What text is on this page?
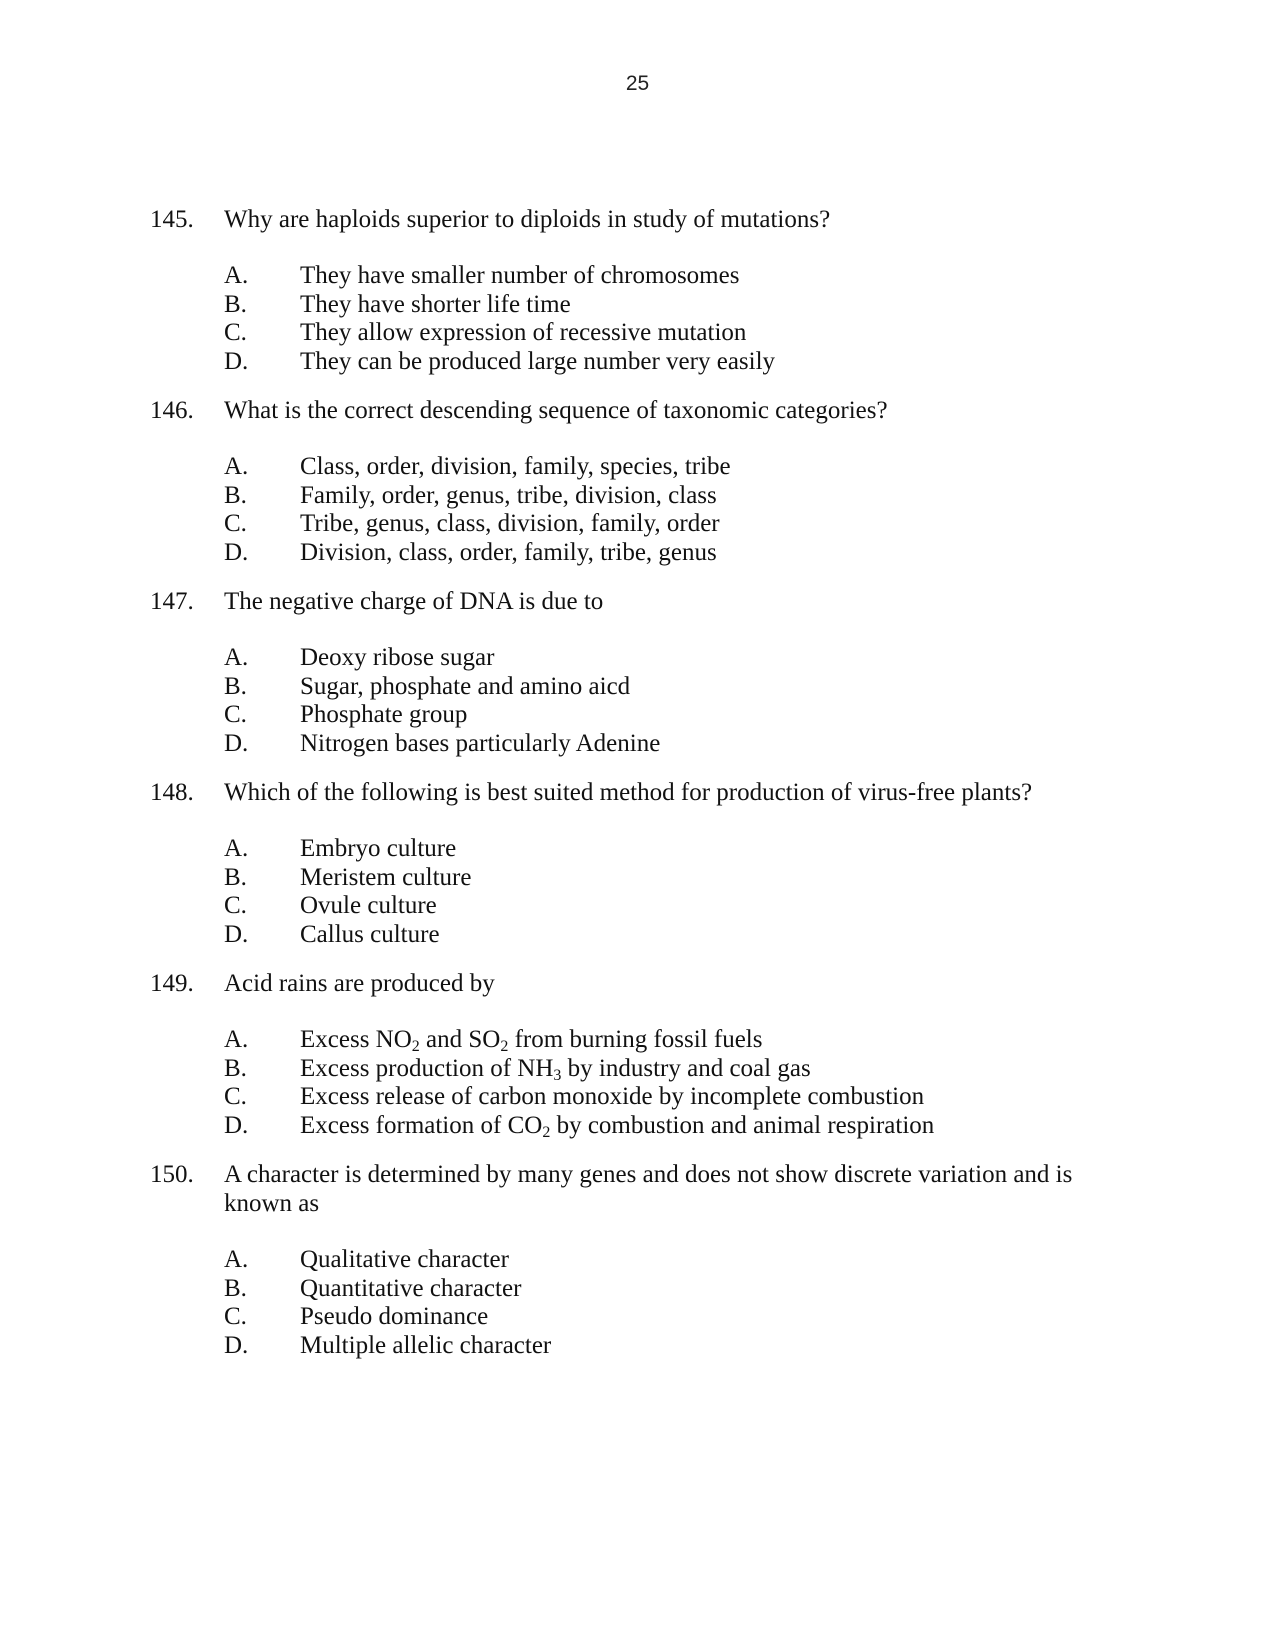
25
145.	Why are haploids superior to diploids in study of mutations?
A.	They have smaller number of chromosomes
B.	They have shorter life time
C.	They allow expression of recessive mutation
D.	They can be produced large number very easily
146.	What is the correct descending sequence of taxonomic categories?
A.	Class, order, division, family, species, tribe
B.	Family, order, genus, tribe, division, class
C.	Tribe, genus, class, division, family, order
D.	Division, class, order, family, tribe, genus
147.	The negative charge of DNA is due to
A.	Deoxy ribose sugar
B.	Sugar, phosphate and amino aicd
C.	Phosphate group
D.	Nitrogen bases particularly Adenine
148.	Which of the following is best suited method for production of virus-free plants?
A.	Embryo culture
B.	Meristem culture
C.	Ovule culture
D.	Callus culture
149.	Acid rains are produced by
A.	Excess $NO_2$ and $SO_2$ from burning fossil fuels
B.	Excess production of $NH_3$ by industry and coal gas
C.	Excess release of carbon monoxide by incomplete combustion
D.	Excess formation of $CO_2$ by combustion and animal respiration
150.	A character is determined by many genes and does not show discrete variation and is known as
A.	Qualitative character
B.	Quantitative character
C.	Pseudo dominance
D.	Multiple allelic character
